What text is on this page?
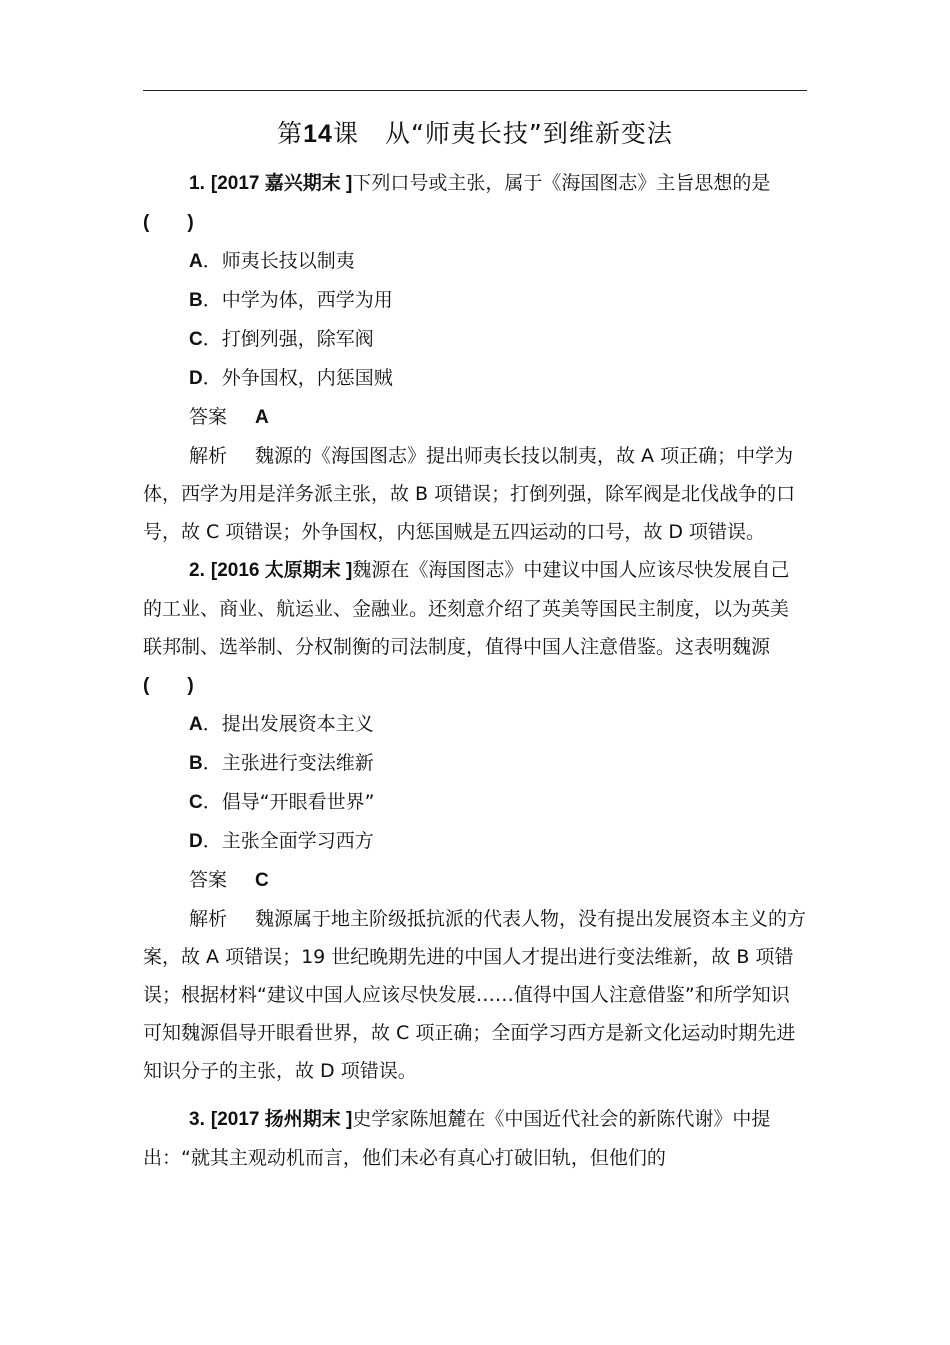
第14课　从“师夷长技”到维新变法

1. [2017 嘉兴期末 ]下列口号或主张，属于《海国图志》主旨思想的是(　　)

A．师夷长技以制夷

B．中学为体，西学为用

C．打倒列强，除军阀

D．外争国权，内惩国贼

答案 A

解析 魏源的《海国图志》提出师夷长技以制夷，故 A 项正确；中学为体，西学为用是洋务派主张，故 B 项错误；打倒列强，除军阀是北伐战争的口号，故 C 项错误；外争国权，内惩国贼是五四运动的口号，故 D 项错误。

2. [2016 太原期末 ]魏源在《海国图志》中建议中国人应该尽快发展自己的工业、商业、航运业、金融业。还刻意介绍了英美等国民主制度，以为英美联邦制、选举制、分权制衡的司法制度，值得中国人注意借鉴。这表明魏源 (　　)

A．提出发展资本主义

B．主张进行变法维新

C．倡导“开眼看世界”

D．主张全面学习西方

答案 C

解析 魏源属于地主阶级抵抗派的代表人物，没有提出发展资本主义的方案，故 A 项错误；19 世纪晚期先进的中国人才提出进行变法维新，故 B 项错误；根据材料“建议中国人应该尽快发展……值得中国人注意借鉴”和所学知识可知魏源倡导开眼看世界，故 C 项正确；全面学习西方是新文化运动时期先进知识分子的主张，故 D 项错误。

3. [2017 扬州期末 ]史学家陈旭麓在《中国近代社会的新陈代谢》中提出：“就其主观动机而言，他们未必有真心打破旧轨，但他们的
